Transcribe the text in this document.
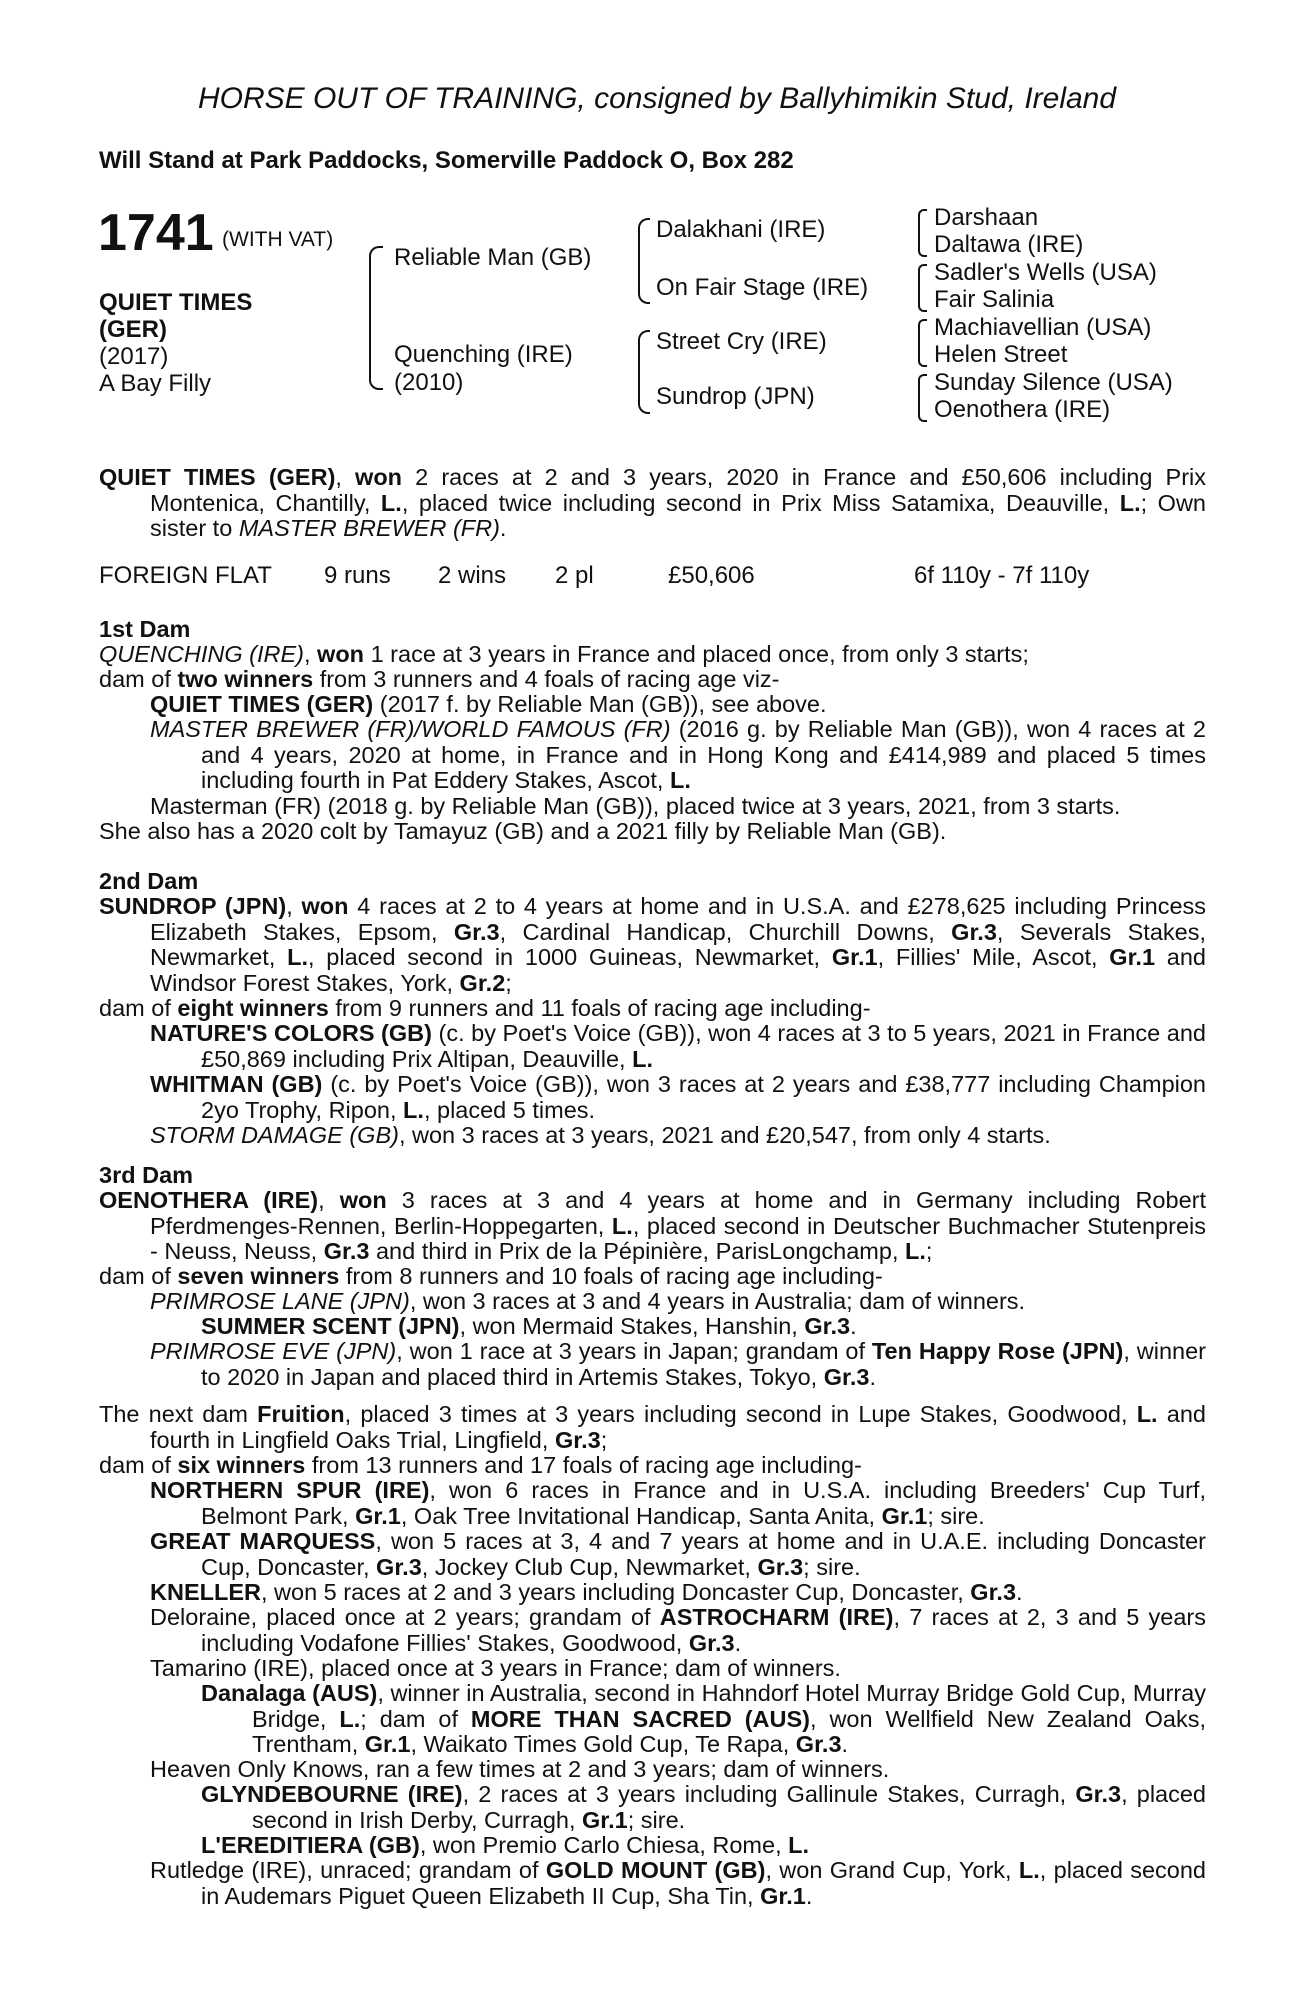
HORSE OUT OF TRAINING, consigned by Ballyhimikin Stud, Ireland
Will Stand at Park Paddocks, Somerville Paddock O, Box 282
1741 (WITH VAT)
QUIET TIMES
(GER)
(2017)
A Bay Filly
Reliable Man (GB)
Quenching (IRE)
(2010)
Dalakhani (IRE)
On Fair Stage (IRE)
Street Cry (IRE)
Sundrop (JPN)
Darshaan
Daltawa (IRE)
Sadler's Wells (USA)
Fair Salinia
Machiavellian (USA)
Helen Street
Sunday Silence (USA)
Oenothera (IRE)
QUIET TIMES (GER), won 2 races at 2 and 3 years, 2020 in France and £50,606 including Prix Montenica, Chantilly, L., placed twice including second in Prix Miss Satamixa, Deauville, L.; Own sister to MASTER BREWER (FR).
FOREIGN FLAT 9 runs 2 wins 2 pl	£50,606	6f 110y - 7f 110y
1st Dam
QUENCHING (IRE), won 1 race at 3 years in France and placed once, from only 3 starts;
dam of two winners from 3 runners and 4 foals of racing age viz-
QUIET TIMES (GER) (2017 f. by Reliable Man (GB)), see above.
MASTER BREWER (FR)/WORLD FAMOUS (FR) (2016 g. by Reliable Man (GB)), won 4 races at 2 and 4 years, 2020 at home, in France and in Hong Kong and £414,989 and placed 5 times including fourth in Pat Eddery Stakes, Ascot, L.
Masterman (FR) (2018 g. by Reliable Man (GB)), placed twice at 3 years, 2021, from 3 starts.
She also has a 2020 colt by Tamayuz (GB) and a 2021 filly by Reliable Man (GB).
2nd Dam
SUNDROP (JPN), won 4 races at 2 to 4 years at home and in U.S.A. and £278,625 including Princess Elizabeth Stakes, Epsom, Gr.3, Cardinal Handicap, Churchill Downs, Gr.3, Severals Stakes, Newmarket, L., placed second in 1000 Guineas, Newmarket, Gr.1, Fillies' Mile, Ascot, Gr.1 and Windsor Forest Stakes, York, Gr.2;
dam of eight winners from 9 runners and 11 foals of racing age including-
NATURE'S COLORS (GB) (c. by Poet's Voice (GB)), won 4 races at 3 to 5 years, 2021 in France and £50,869 including Prix Altipan, Deauville, L.
WHITMAN (GB) (c. by Poet's Voice (GB)), won 3 races at 2 years and £38,777 including Champion 2yo Trophy, Ripon, L., placed 5 times.
STORM DAMAGE (GB), won 3 races at 3 years, 2021 and £20,547, from only 4 starts.
3rd Dam
OENOTHERA (IRE), won 3 races at 3 and 4 years at home and in Germany including Robert Pferdmenges-Rennen, Berlin-Hoppegarten, L., placed second in Deutscher Buchmacher Stutenpreis - Neuss, Neuss, Gr.3 and third in Prix de la Pépinière, ParisLongchamp, L.;
dam of seven winners from 8 runners and 10 foals of racing age including-
PRIMROSE LANE (JPN), won 3 races at 3 and 4 years in Australia; dam of winners.
SUMMER SCENT (JPN), won Mermaid Stakes, Hanshin, Gr.3.
PRIMROSE EVE (JPN), won 1 race at 3 years in Japan; grandam of Ten Happy Rose (JPN), winner to 2020 in Japan and placed third in Artemis Stakes, Tokyo, Gr.3.
The next dam Fruition, placed 3 times at 3 years including second in Lupe Stakes, Goodwood, L. and fourth in Lingfield Oaks Trial, Lingfield, Gr.3;
dam of six winners from 13 runners and 17 foals of racing age including-
NORTHERN SPUR (IRE), won 6 races in France and in U.S.A. including Breeders' Cup Turf, Belmont Park, Gr.1, Oak Tree Invitational Handicap, Santa Anita, Gr.1; sire.
GREAT MARQUESS, won 5 races at 3, 4 and 7 years at home and in U.A.E. including Doncaster Cup, Doncaster, Gr.3, Jockey Club Cup, Newmarket, Gr.3; sire.
KNELLER, won 5 races at 2 and 3 years including Doncaster Cup, Doncaster, Gr.3.
Deloraine, placed once at 2 years; grandam of ASTROCHARM (IRE), 7 races at 2, 3 and 5 years including Vodafone Fillies' Stakes, Goodwood, Gr.3.
Tamarino (IRE), placed once at 3 years in France; dam of winners.
Danalaga (AUS), winner in Australia, second in Hahndorf Hotel Murray Bridge Gold Cup, Murray Bridge, L.; dam of MORE THAN SACRED (AUS), won Wellfield New Zealand Oaks, Trentham, Gr.1, Waikato Times Gold Cup, Te Rapa, Gr.3.
Heaven Only Knows, ran a few times at 2 and 3 years; dam of winners.
GLYNDEBOURNE (IRE), 2 races at 3 years including Gallinule Stakes, Curragh, Gr.3, placed second in Irish Derby, Curragh, Gr.1; sire.
L'EREDITIERA (GB), won Premio Carlo Chiesa, Rome, L.
Rutledge (IRE), unraced; grandam of GOLD MOUNT (GB), won Grand Cup, York, L., placed second in Audemars Piguet Queen Elizabeth II Cup, Sha Tin, Gr.1.
